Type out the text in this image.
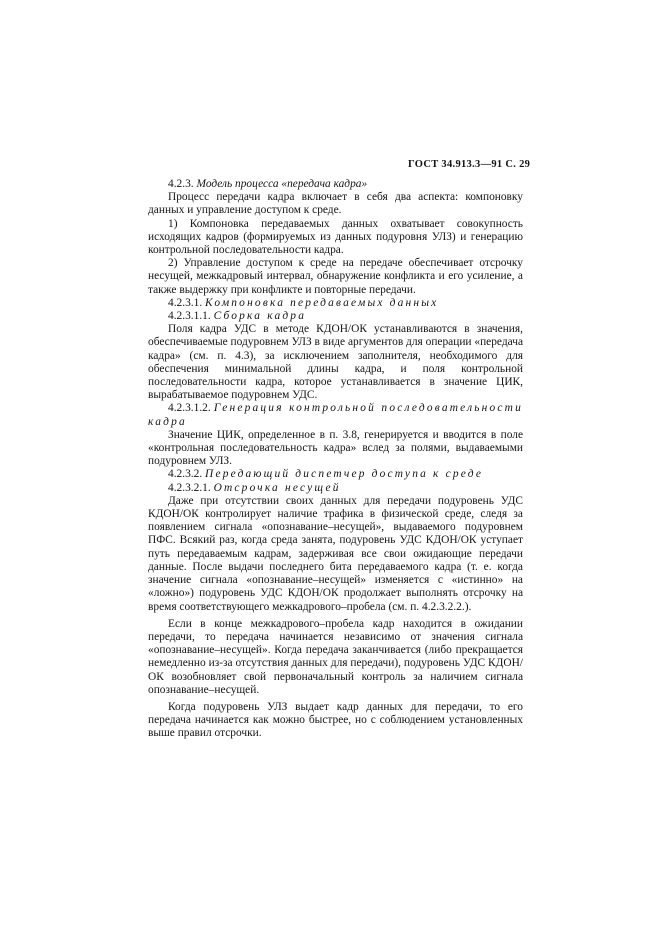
ГОСТ 34.913.3—91 С. 29

4.2.3. Модель процесса «передача кадра»

Процесс передачи кадра включает в себя два аспекта: компоновку данных и управление доступом к среде.

1) Компоновка передаваемых данных охватывает совокупность исходящих кадров (формируемых из данных подуровня УЛЗ) и генерацию контрольной последовательности кадра.

2) Управление доступом к среде на передаче обеспечивает отсрочку несущей, межкадровый интервал, обнаружение конфликта и его усиление, а также выдержку при конфликте и повторные передачи.

4.2.3.1. Компоновка передаваемых данных

4.2.3.1.1. Сборка кадра

Поля кадра УДС в методе КДОН/ОК устанавливаются в значения, обеспечиваемые подуровнем УЛЗ в виде аргументов для операции «передача кадра» (см. п. 4.3), за исключением заполнителя, необходимого для обеспечения минимальной длины кадра, и поля контрольной последовательности кадра, которое устанавливается в значение ЦИК, вырабатываемое подуровнем УДС.

4.2.3.1.2. Генерация контрольной последовательности кадра

Значение ЦИК, определенное в п. 3.8, генерируется и вводится в поле «контрольная последовательность кадра» вслед за полями, выдаваемыми подуровнем УЛЗ.

4.2.3.2. Передающий диспетчер доступа к среде

4.2.3.2.1. Отсрочка несущей

Даже при отсутствии своих данных для передачи подуровень УДС КДОН/ОК контролирует наличие трафика в физической среде, следя за появлением сигнала «опознавание–несущей», выдаваемого подуровнем ПФС. Всякий раз, когда среда занята, подуровень УДС КДОН/ОК уступает путь передаваемым кадрам, задерживая все свои ожидающие передачи данные. После выдачи последнего бита передаваемого кадра (т. е. когда значение сигнала «опознавание–несущей» изменяется с «истинно» на «ложно») подуровень УДС КДОН/ОК продолжает выполнять отсрочку на время соответствующего межкадрового–пробела (см. п. 4.2.3.2.2.).

Если в конце межкадрового–пробела кадр находится в ожидании передачи, то передача начинается независимо от значения сигнала «опознавание–несущей». Когда передача заканчивается (либо прекращается немедленно из-за отсутствия данных для передачи), подуровень УДС КДОН/ОК возобновляет свой первоначальный контроль за наличием сигнала опознавание–несущей.

Когда подуровень УЛЗ выдает кадр данных для передачи, то его передача начинается как можно быстрее, но с соблюдением установленных выше правил отсрочки.
